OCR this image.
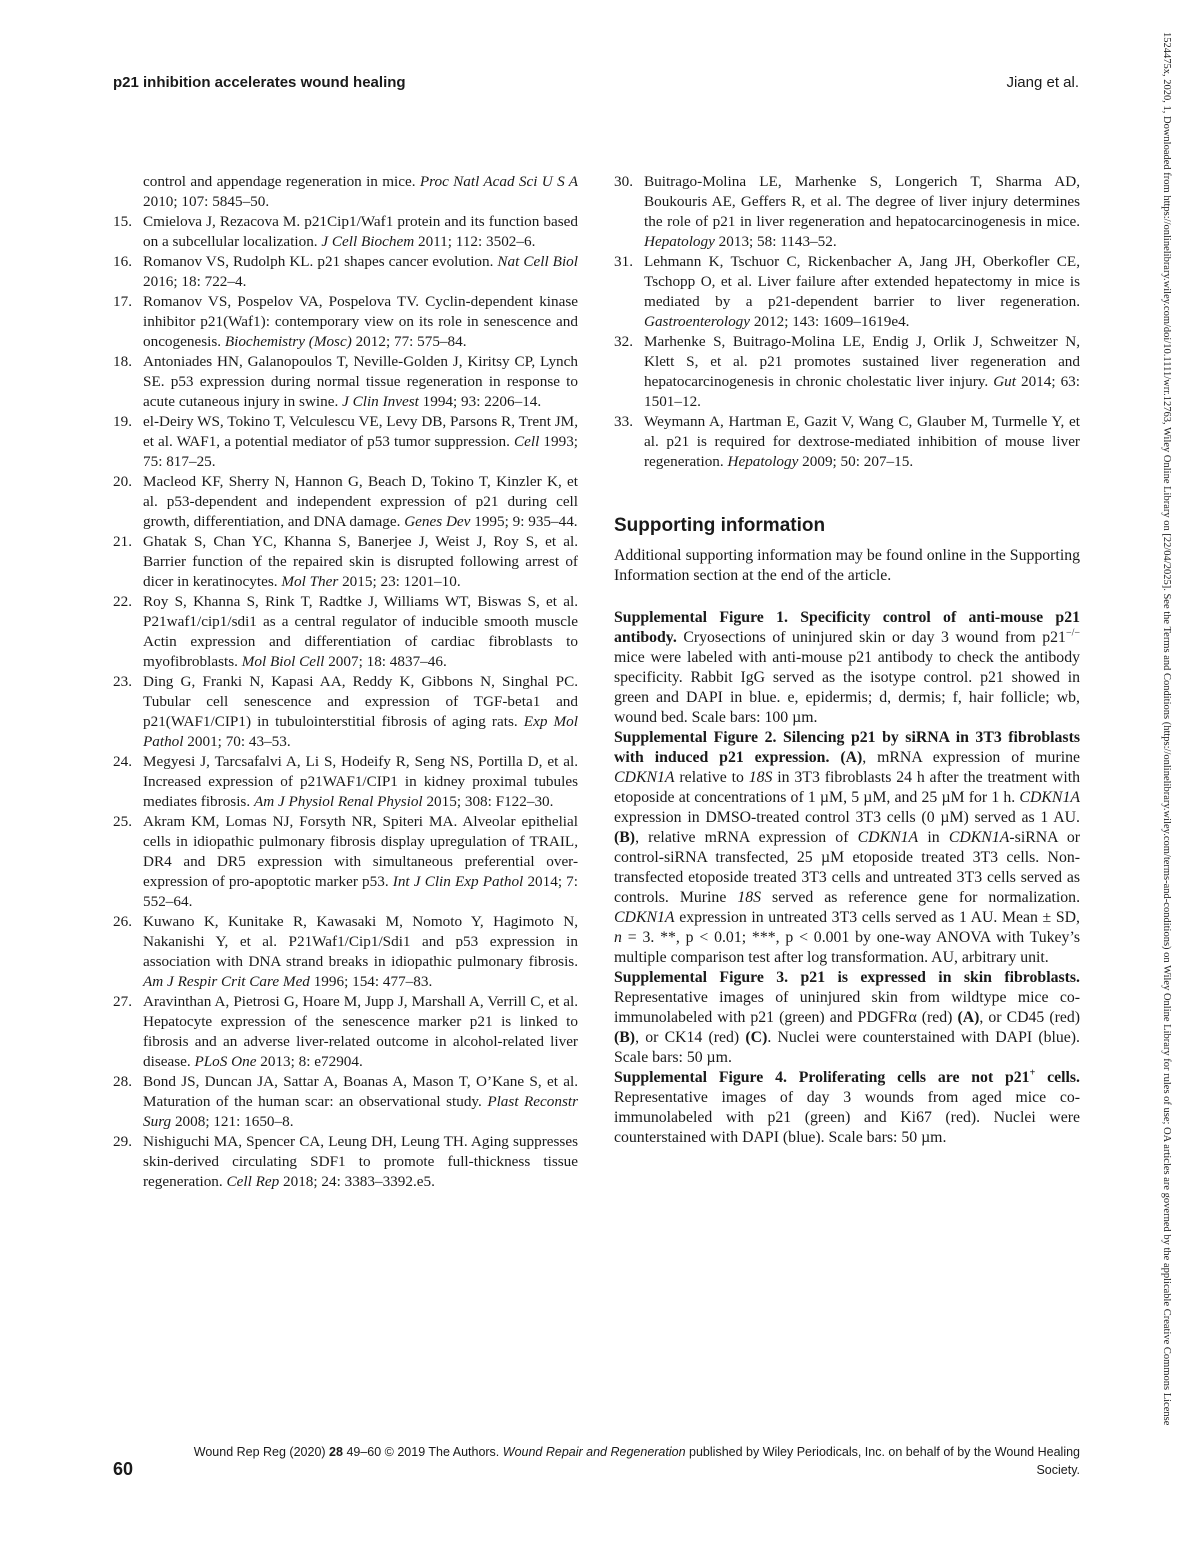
p21 inhibition accelerates wound healing	Jiang et al.
control and appendage regeneration in mice. Proc Natl Acad Sci U S A 2010; 107: 5845–50.
15. Cmielova J, Rezacova M. p21Cip1/Waf1 protein and its function based on a subcellular localization. J Cell Biochem 2011; 112: 3502–6.
16. Romanov VS, Rudolph KL. p21 shapes cancer evolution. Nat Cell Biol 2016; 18: 722–4.
17. Romanov VS, Pospelov VA, Pospelova TV. Cyclin-dependent kinase inhibitor p21(Waf1): contemporary view on its role in senescence and oncogenesis. Biochemistry (Mosc) 2012; 77: 575–84.
18. Antoniades HN, Galanopoulos T, Neville-Golden J, Kiritsy CP, Lynch SE. p53 expression during normal tissue regeneration in response to acute cutaneous injury in swine. J Clin Invest 1994; 93: 2206–14.
19. el-Deiry WS, Tokino T, Velculescu VE, Levy DB, Parsons R, Trent JM, et al. WAF1, a potential mediator of p53 tumor suppression. Cell 1993; 75: 817–25.
20. Macleod KF, Sherry N, Hannon G, Beach D, Tokino T, Kinzler K, et al. p53-dependent and independent expression of p21 during cell growth, differentiation, and DNA damage. Genes Dev 1995; 9: 935–44.
21. Ghatak S, Chan YC, Khanna S, Banerjee J, Weist J, Roy S, et al. Barrier function of the repaired skin is disrupted following arrest of dicer in keratinocytes. Mol Ther 2015; 23: 1201–10.
22. Roy S, Khanna S, Rink T, Radtke J, Williams WT, Biswas S, et al. P21waf1/cip1/sdi1 as a central regulator of inducible smooth muscle Actin expression and differentiation of cardiac fibroblasts to myofibroblasts. Mol Biol Cell 2007; 18: 4837–46.
23. Ding G, Franki N, Kapasi AA, Reddy K, Gibbons N, Singhal PC. Tubular cell senescence and expression of TGF-beta1 and p21(WAF1/CIP1) in tubulointerstitial fibrosis of aging rats. Exp Mol Pathol 2001; 70: 43–53.
24. Megyesi J, Tarcsafalvi A, Li S, Hodeify R, Seng NS, Portilla D, et al. Increased expression of p21WAF1/CIP1 in kidney proximal tubules mediates fibrosis. Am J Physiol Renal Physiol 2015; 308: F122–30.
25. Akram KM, Lomas NJ, Forsyth NR, Spiteri MA. Alveolar epithelial cells in idiopathic pulmonary fibrosis display upregulation of TRAIL, DR4 and DR5 expression with simultaneous preferential over-expression of pro-apoptotic marker p53. Int J Clin Exp Pathol 2014; 7: 552–64.
26. Kuwano K, Kunitake R, Kawasaki M, Nomoto Y, Hagimoto N, Nakanishi Y, et al. P21Waf1/Cip1/Sdi1 and p53 expression in association with DNA strand breaks in idiopathic pulmonary fibrosis. Am J Respir Crit Care Med 1996; 154: 477–83.
27. Aravinthan A, Pietrosi G, Hoare M, Jupp J, Marshall A, Verrill C, et al. Hepatocyte expression of the senescence marker p21 is linked to fibrosis and an adverse liver-related outcome in alcohol-related liver disease. PLoS One 2013; 8: e72904.
28. Bond JS, Duncan JA, Sattar A, Boanas A, Mason T, O’Kane S, et al. Maturation of the human scar: an observational study. Plast Reconstr Surg 2008; 121: 1650–8.
29. Nishiguchi MA, Spencer CA, Leung DH, Leung TH. Aging suppresses skin-derived circulating SDF1 to promote full-thickness tissue regeneration. Cell Rep 2018; 24: 3383–3392.e5.
30. Buitrago-Molina LE, Marhenke S, Longerich T, Sharma AD, Boukouris AE, Geffers R, et al. The degree of liver injury determines the role of p21 in liver regeneration and hepatocarcinogenesis in mice. Hepatology 2013; 58: 1143–52.
31. Lehmann K, Tschuor C, Rickenbacher A, Jang JH, Oberkofler CE, Tschopp O, et al. Liver failure after extended hepatectomy in mice is mediated by a p21-dependent barrier to liver regeneration. Gastroenterology 2012; 143: 1609–1619e4.
32. Marhenke S, Buitrago-Molina LE, Endig J, Orlik J, Schweitzer N, Klett S, et al. p21 promotes sustained liver regeneration and hepatocarcinogenesis in chronic cholestatic liver injury. Gut 2014; 63: 1501–12.
33. Weymann A, Hartman E, Gazit V, Wang C, Glauber M, Turmelle Y, et al. p21 is required for dextrose-mediated inhibition of mouse liver regeneration. Hepatology 2009; 50: 207–15.
Supporting information
Additional supporting information may be found online in the Supporting Information section at the end of the article.
Supplemental Figure 1. Specificity control of anti-mouse p21 antibody. Cryosections of uninjured skin or day 3 wound from p21−/− mice were labeled with anti-mouse p21 antibody to check the antibody specificity. Rabbit IgG served as the isotype control. p21 showed in green and DAPI in blue. e, epidermis; d, dermis; f, hair follicle; wb, wound bed. Scale bars: 100 µm.
Supplemental Figure 2. Silencing p21 by siRNA in 3T3 fibroblasts with induced p21 expression. (A), mRNA expression of murine CDKN1A relative to 18S in 3T3 fibroblasts 24 h after the treatment with etoposide at concentrations of 1 µM, 5 µM, and 25 µM for 1 h. CDKN1A expression in DMSO-treated control 3T3 cells (0 µM) served as 1 AU. (B), relative mRNA expression of CDKN1A in CDKN1A-siRNA or control-siRNA transfected, 25 µM etoposide treated 3T3 cells. Non-transfected etoposide treated 3T3 cells and untreated 3T3 cells served as controls. Murine 18S served as reference gene for normalization. CDKN1A expression in untreated 3T3 cells served as 1 AU. Mean ± SD, n = 3. **, p < 0.01; ***, p < 0.001 by one-way ANOVA with Tukey’s multiple comparison test after log transformation. AU, arbitrary unit.
Supplemental Figure 3. p21 is expressed in skin fibroblasts. Representative images of uninjured skin from wildtype mice co-immunolabeled with p21 (green) and PDGFRα (red) (A), or CD45 (red) (B), or CK14 (red) (C). Nuclei were counterstained with DAPI (blue). Scale bars: 50 µm.
Supplemental Figure 4. Proliferating cells are not p21+ cells. Representative images of day 3 wounds from aged mice co-immunolabeled with p21 (green) and Ki67 (red). Nuclei were counterstained with DAPI (blue). Scale bars: 50 µm.
60
Wound Rep Reg (2020) 28 49–60 © 2019 The Authors. Wound Repair and Regeneration published by Wiley Periodicals, Inc. on behalf of by the Wound Healing Society.
1524475x, 2020, 1, Downloaded from https://onlinelibrary.wiley.com/doi/10.1111/wrr.12763, Wiley Online Library on [22/04/2025]. See the Terms and Conditions (https://onlinelibrary.wiley.com/terms-and-conditions) on Wiley Online Library for rules of use; OA articles are governed by the applicable Creative Commons License
